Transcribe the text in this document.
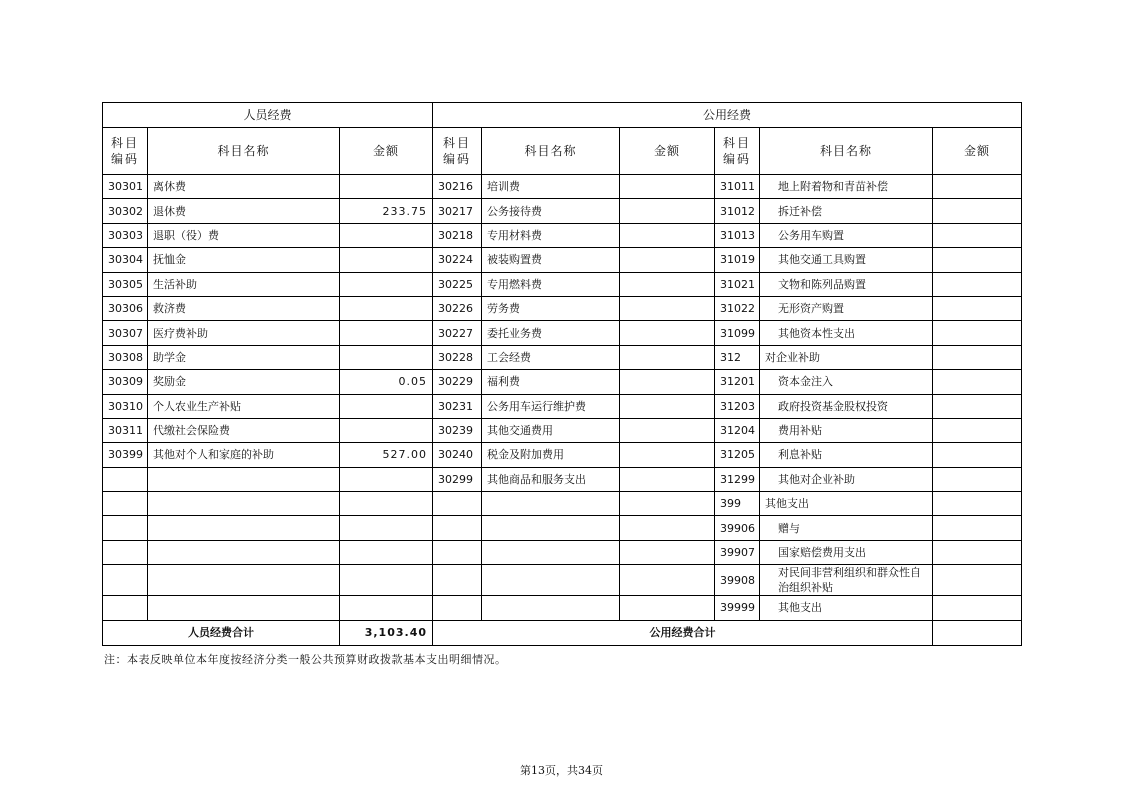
人员经费			公用经费					
科目编码	科目名称	金额	科目编码	科目名称	金额	科目编码	科目名称	金额
30301	离休费		30216	培训费		31011	地上附着物和青苗补偿	
30302	退休费	233.75	30217	公务接待费		31012	拆迁补偿	
30303	退职（役）费		30218	专用材料费		31013	公务用车购置	
30304	抚恤金		30224	被装购置费		31019	其他交通工具购置	
30305	生活补助		30225	专用燃料费		31021	文物和陈列品购置	
30306	救济费		30226	劳务费		31022	无形资产购置	
30307	医疗费补助		30227	委托业务费		31099	其他资本性支出	
30308	助学金		30228	工会经费		312	对企业补助	
30309	奖励金	0.05	30229	福利费		31201	资本金注入	
30310	个人农业生产补贴		30231	公务用车运行维护费		31203	政府投资基金股权投资	
30311	代缴社会保险费		30239	其他交通费用		31204	费用补贴	
30399	其他对个人和家庭的补助	527.00	30240	税金及附加费用		31205	利息补贴	
			30299	其他商品和服务支出		31299	其他对企业补助	
						399	其他支出	
						39906	赠与	
						39907	国家赔偿费用支出	
						39908	对民间非营利组织和群众性自治组织补贴	
						39999	其他支出	
人员经费合计		3,103.40	公用经费合计					
注：本表反映单位本年度按经济分类一般公共预算财政拨款基本支出明细情况。
第13页，共34页
